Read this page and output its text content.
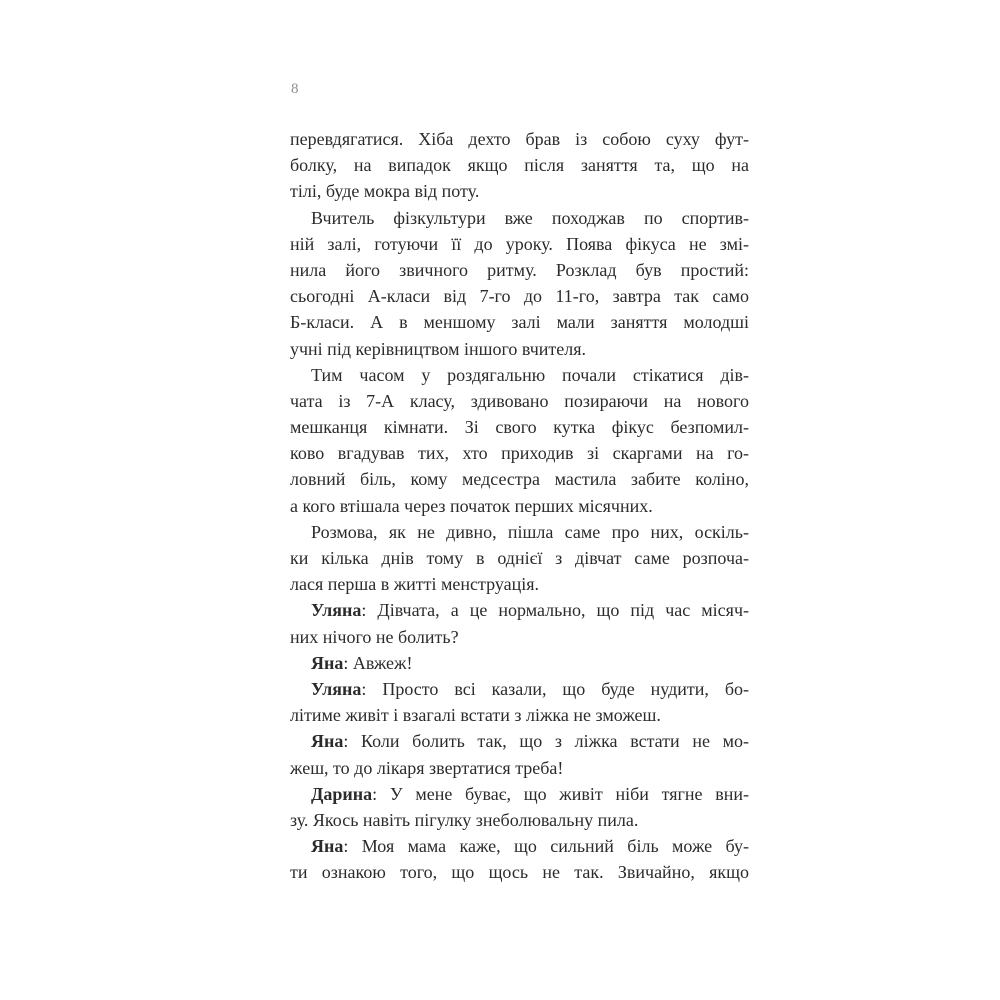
8
перевдягатися. Хіба дехто брав із собою суху фут-
болку, на випадок якщо після заняття та, що на
тілі, буде мокра від поту.
Вчитель фізкультури вже походжав по спортив-
ній залі, готуючи її до уроку. Поява фікуса не змі-
нила його звичного ритму. Розклад був простий:
сьогодні А-класи від 7-го до 11-го, завтра так само
Б-класи. А в меншому залі мали заняття молодші
учні під керівництвом іншого вчителя.
Тим часом у роздягальню почали стікатися дів-
чата із 7-А класу, здивовано позираючи на нового
мешканця кімнати. Зі свого кутка фікус безпомил-
ково вгадував тих, хто приходив зі скаргами на го-
ловний біль, кому медсестра мастила забите коліно,
а кого втішала через початок перших місячних.
Розмова, як не дивно, пішла саме про них, оскіль-
ки кілька днів тому в однієї з дівчат саме розпоча-
лася перша в житті менструація.
Уляна: Дівчата, а це нормально, що під час місяч-
них нічого не болить?
Яна: Авжеж!
Уляна: Просто всі казали, що буде нудити, бо-
літиме живіт і взагалі встати з ліжка не зможеш.
Яна: Коли болить так, що з ліжка встати не мо-
жеш, то до лікаря звертатися треба!
Дарина: У мене буває, що живіт ніби тягне вни-
зу. Якось навіть пігулку знеболювальну пила.
Яна: Моя мама каже, що сильний біль може бу-
ти ознакою того, що щось не так. Звичайно, якщо
